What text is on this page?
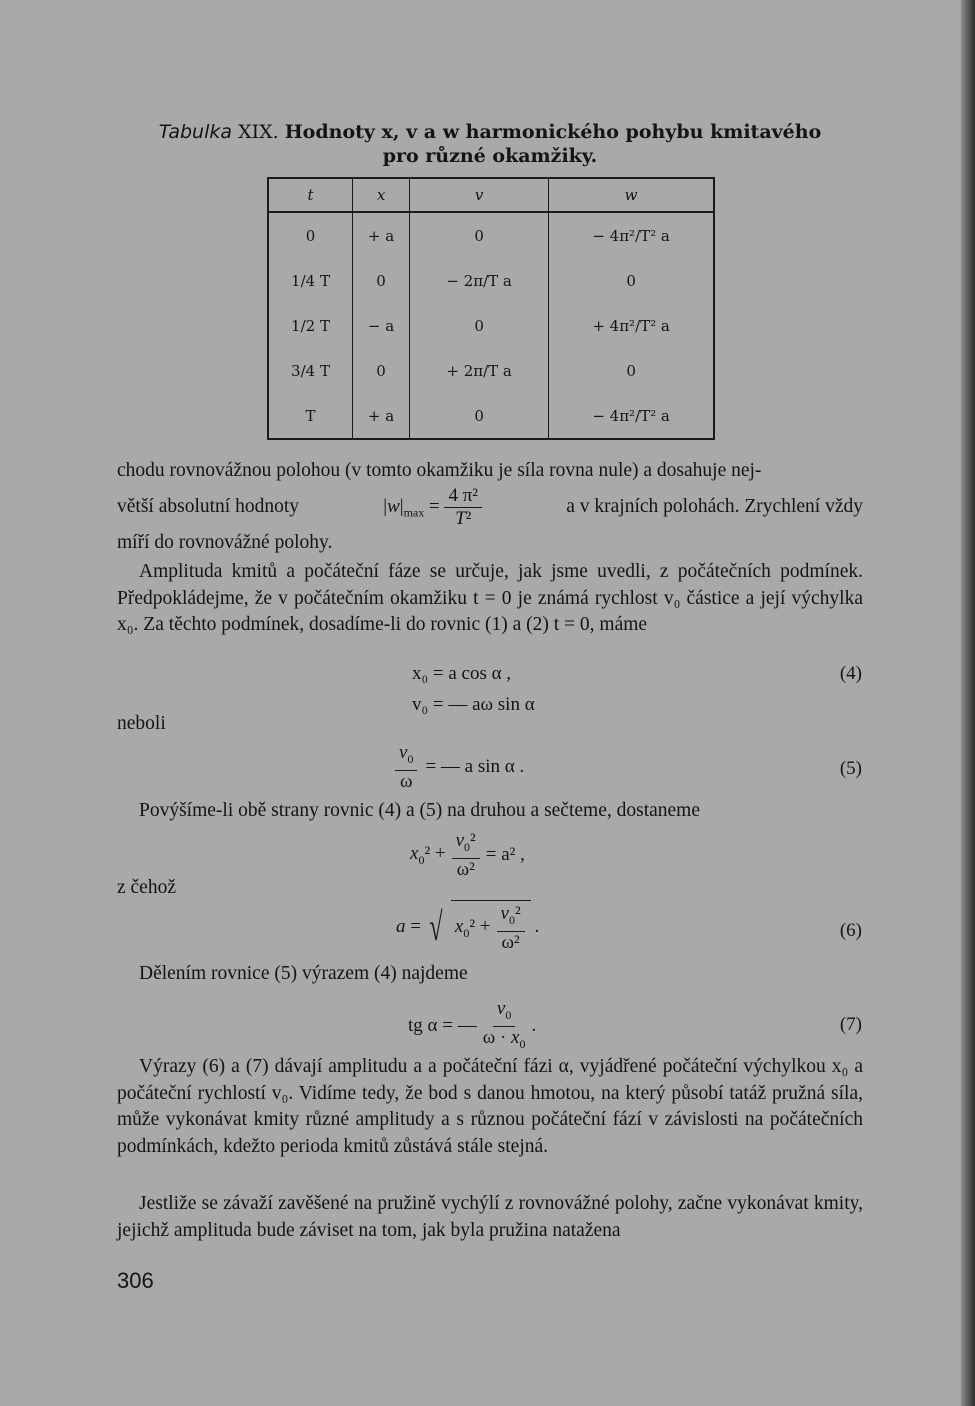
Tabulka XIX. Hodnoty x, v a w harmonického pohybu kmitavého
pro různé okamžiky.
t	x	v	w
0	+ a	0	− 4π²/T² a
1/4 T	0	− 2π/T a	0
1/2 T	− a	0	+ 4π²/T² a
3/4 T	0	+ 2π/T a	0
T	+ a	0	− 4π²/T² a
chodu rovnovážnou polohou (v tomto okamžiku je síla rovna nule) a dosahuje nej-
větší absolutní hodnoty	$|w|_{max} = \frac{\text{4 π²}}{\text{T²}}$	a v krajních polohách. Zrychlení vždy
míří do rovnovážné polohy.
Amplituda kmitů a počáteční fáze se určuje, jak jsme uvedli, z počátečních podmínek. Předpokládejme, že v počátečním okamžiku t = 0 je známá rychlost v₀ částice a její výchylka x₀. Za těchto podmínek, dosadíme-li do rovnic (1) a (2) t = 0, máme
x₀ = a cos α ,	(4)
v₀ = — aω sin α
neboli
$\frac{v_0}{\omega}$ = — a sin α .	(5)
Povýšíme-li obě strany rovnic (4) a (5) na druhou a sečteme, dostaneme
$x_0^2 + \frac{v_0^2}{\text{ω²}} = a^2$ ,
z čehož
a = √ $x_0^2 + \frac{v_0^2}{\text{ω²}}$ .	(6)
Dělením rovnice (5) výrazem (4) najdeme
tg α = —
$v_0$
$\omega \cdot x_0$
.	(7)
Výrazy (6) a (7) dávají amplitudu a a počáteční fázi α, vyjádřené počáteční výchylkou x₀ a počáteční rychlostí v₀. Vidíme tedy, že bod s danou hmotou, na který působí tatáž pružná síla, může vykonávat kmity různé amplitudy a s různou počáteční fází v závislosti na počátečních podmínkách, kdežto perioda kmitů zůstává stále stejná.
Jestliže se závaží zavěšené na pružině vychýlí z rovnovážné polohy, začne vykonávat kmity, jejichž amplituda bude záviset na tom, jak byla pružina natažena
306
